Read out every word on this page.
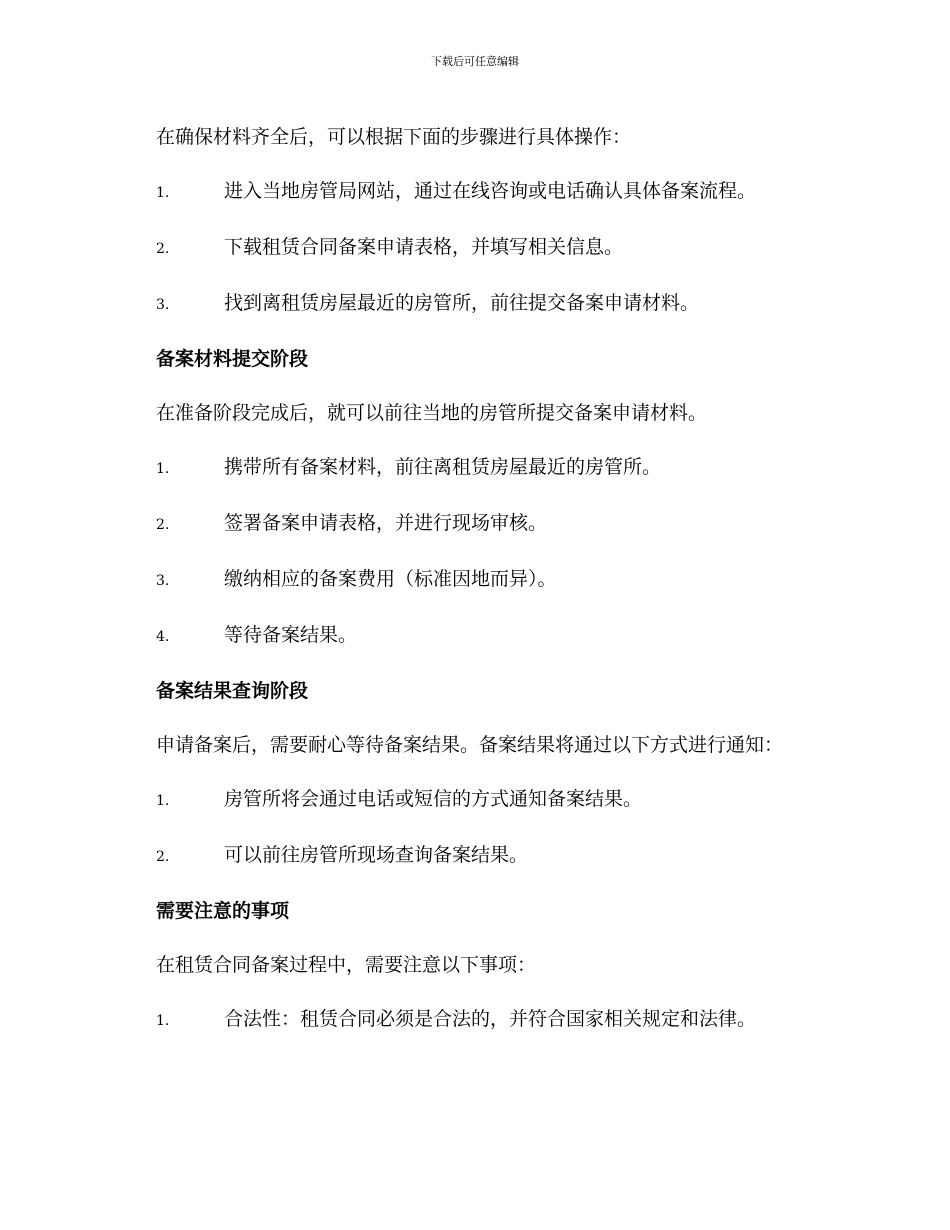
下载后可任意编辑

在确保材料齐全后，可以根据下面的步骤进行具体操作：

1.	进入当地房管局网站，通过在线咨询或电话确认具体备案流程。
2.	下载租赁合同备案申请表格，并填写相关信息。
3.	找到离租赁房屋最近的房管所，前往提交备案申请材料。
备案材料提交阶段

在准备阶段完成后，就可以前往当地的房管所提交备案申请材料。

1.	携带所有备案材料，前往离租赁房屋最近的房管所。
2.	签署备案申请表格，并进行现场审核。
3.	缴纳相应的备案费用（标准因地而异）。
4.	等待备案结果。
备案结果查询阶段

申请备案后，需要耐心等待备案结果。备案结果将通过以下方式进行通知：

1.	房管所将会通过电话或短信的方式通知备案结果。
2.	可以前往房管所现场查询备案结果。
需要注意的事项

在租赁合同备案过程中，需要注意以下事项：

1.	合法性：租赁合同必须是合法的，并符合国家相关规定和法律。
